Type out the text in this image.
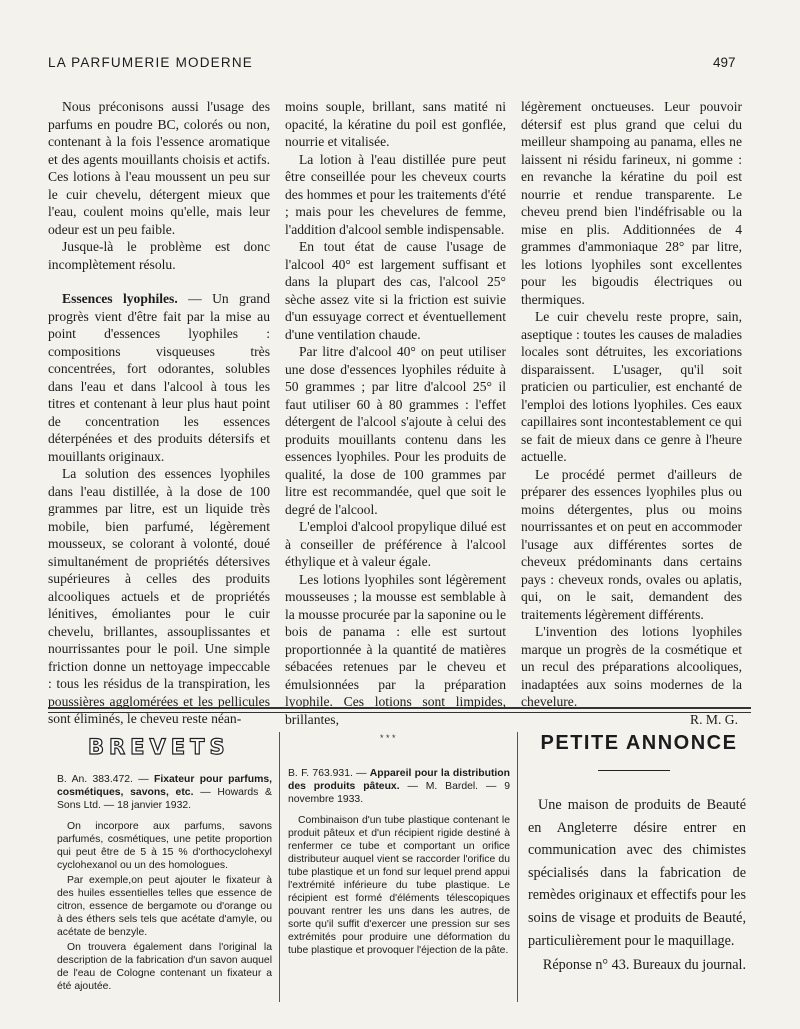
LA PARFUMERIE MODERNE	497

Nous préconisons aussi l'usage des parfums en poudre BC, colorés ou non, contenant à la fois l'essence aromatique et des agents mouillants choisis et actifs. Ces lotions à l'eau moussent un peu sur le cuir chevelu, détergent mieux que l'eau, coulent moins qu'elle, mais leur odeur est un peu faible.

Jusque-là le problème est donc incomplètement résolu.

Essences lyophiles. — Un grand progrès vient d'être fait par la mise au point d'essences lyophiles : compositions visqueuses très concentrées, fort odorantes, solubles dans l'eau et dans l'alcool à tous les titres et contenant à leur plus haut point de concentration les essences déterpénées et des produits détersifs et mouillants originaux.

La solution des essences lyophiles dans l'eau distillée, à la dose de 100 grammes par litre, est un liquide très mobile, bien parfumé, légèrement mousseux, se colorant à volonté, doué simultanément de propriétés détersives supérieures à celles des produits alcooliques actuels et de propriétés lénitives, émoliantes pour le cuir chevelu, brillantes, assouplissantes et nourrissantes pour le poil. Une simple friction donne un nettoyage impeccable : tous les résidus de la transpiration, les poussières agglomérées et les pellicules sont éliminés, le cheveu reste néan-

moins souple, brillant, sans matité ni opacité, la kératine du poil est gonflée, nourrie et vitalisée.

La lotion à l'eau distillée pure peut être conseillée pour les cheveux courts des hommes et pour les traitements d'été ; mais pour les chevelures de femme, l'addition d'alcool semble indispensable.

En tout état de cause l'usage de l'alcool 40° est largement suffisant et dans la plupart des cas, l'alcool 25° sèche assez vite si la friction est suivie d'un essuyage correct et éventuellement d'une ventilation chaude.

Par litre d'alcool 40° on peut utiliser une dose d'essences lyophiles réduite à 50 grammes ; par litre d'alcool 25° il faut utiliser 60 à 80 grammes : l'effet détergent de l'alcool s'ajoute à celui des produits mouillants contenu dans les essences lyophiles. Pour les produits de qualité, la dose de 100 grammes par litre est recommandée, quel que soit le degré de l'alcool.

L'emploi d'alcool propylique dilué est à conseiller de préférence à l'alcool éthylique et à valeur égale.

Les lotions lyophiles sont légèrement mousseuses ; la mousse est semblable à la mousse procurée par la saponine ou le bois de panama : elle est surtout proportionnée à la quantité de matières sébacées retenues par le cheveu et émulsionnées par la préparation lyophile. Ces lotions sont limpides, brillantes,

légèrement onctueuses. Leur pouvoir détersif est plus grand que celui du meilleur shampoing au panama, elles ne laissent ni résidu farineux, ni gomme : en revanche la kératine du poil est nourrie et rendue transparente. Le cheveu prend bien l'indéfrisable ou la mise en plis. Additionnées de 4 grammes d'ammoniaque 28° par litre, les lotions lyophiles sont excellentes pour les bigoudis électriques ou thermiques.

Le cuir chevelu reste propre, sain, aseptique : toutes les causes de maladies locales sont détruites, les excoriations disparaissent. L'usager, qu'il soit praticien ou particulier, est enchanté de l'emploi des lotions lyophiles. Ces eaux capillaires sont incontestablement ce qui se fait de mieux dans ce genre à l'heure actuelle.

Le procédé permet d'ailleurs de préparer des essences lyophiles plus ou moins détergentes, plus ou moins nourrissantes et on peut en accommoder l'usage aux différentes sortes de cheveux prédominants dans certains pays : cheveux ronds, ovales ou aplatis, qui, on le sait, demandent des traitements légèrement différents.

L'invention des lotions lyophiles marque un progrès de la cosmétique et un recul des préparations alcooliques, inadaptées aux soins modernes de la chevelure.

R. M. G.

BREVETS	* * *

B. An. 383.472. — Fixateur pour parfums, cosmétiques, savons, etc. — Howards & Sons Ltd. — 18 janvier 1932.

On incorpore aux parfums, savons parfumés, cosmétiques, une petite proportion qui peut être de 5 à 15 % d'orthocyclohexyl cyclohexanol ou un des homologues.

Par exemple,on peut ajouter le fixateur à des huiles essentielles telles que essence de citron, essence de bergamote ou d'orange ou à des éthers sels tels que acétate d'amyle, ou acétate de benzyle.

On trouvera également dans l'original la description de la fabrication d'un savon auquel de l'eau de Cologne contenant un fixateur a été ajoutée.

B. F. 763.931. — Appareil pour la distribution des produits pâteux. — M. Bardel. — 9 novembre 1933.

Combinaison d'un tube plastique contenant le produit pâteux et d'un récipient rigide destiné à renfermer ce tube et comportant un orifice distributeur auquel vient se raccorder l'orifice du tube plastique et un fond sur lequel prend appui l'extrémité inférieure du tube plastique. Le récipient est formé d'éléments télescopiques pouvant rentrer les uns dans les autres, de sorte qu'il suffit d'exercer une pression sur ses extrémités pour produire une déformation du tube plastique et provoquer l'éjection de la pâte.

PETITE ANNONCE

Une maison de produits de Beauté en Angleterre désire entrer en communication avec des chimistes spécialisés dans la fabrication de remèdes originaux et effectifs pour les soins de visage et produits de Beauté, particulièrement pour le maquillage.

Réponse n° 43. Bureaux du journal.
